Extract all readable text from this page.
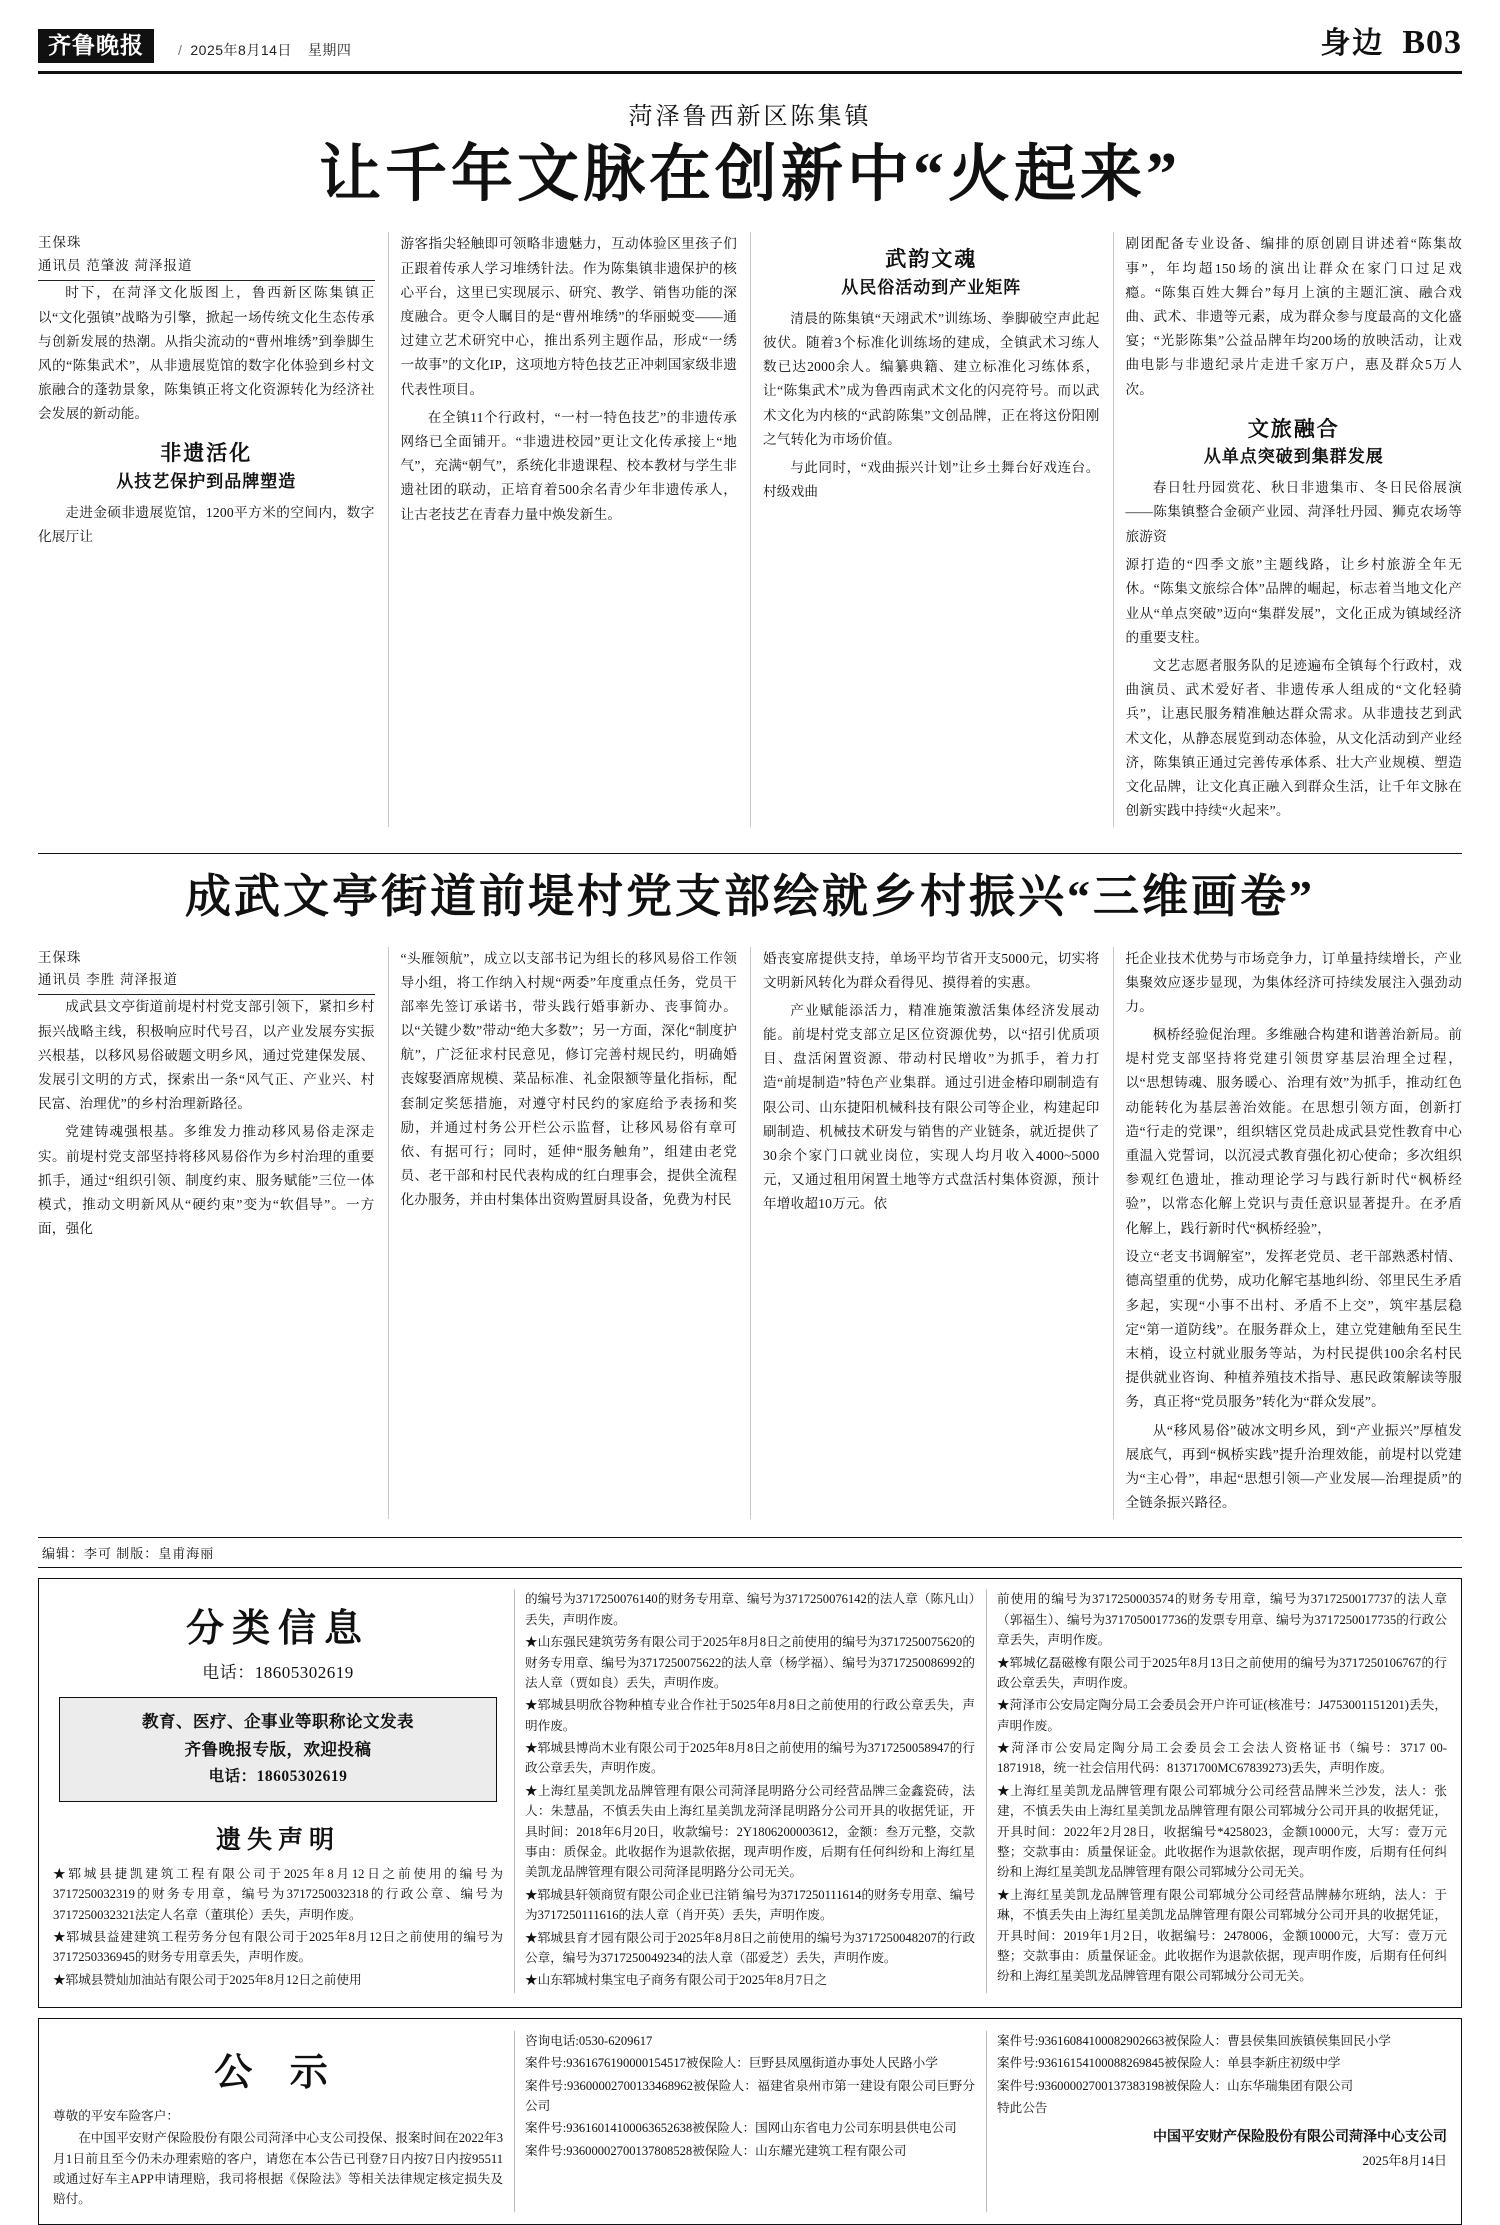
齐鲁晚报	/ 2025年8月14日 星期四	身边 B03
菏泽鲁西新区陈集镇
让千年文脉在创新中“火起来”
王保珠
通讯员 范肇波 菏泽报道

时下，在菏泽文化版图上，鲁西新区陈集镇正以“文化强镇”战略为引擎，掀起一场传统文化生态传承与创新发展的热潮。从指尖流动的“曹州堆绣”到拳脚生风的“陈集武术”，从非遗展览馆的数字化体验到乡村文旅融合的蓬勃景象，陈集镇正将文化资源转化为经济社会发展的新动能。

非遗活化
从技艺保护到品牌塑造

走进金硕非遗展览馆，1200平方米的空间内，数字化展厅让

游客指尖轻触即可领略非遗魅力，互动体验区里孩子们正跟着传承人学习堆绣针法。作为陈集镇非遗保护的核心平台，这里已实现展示、研究、教学、销售功能的深度融合。更令人瞩目的是“曹州堆绣”的华丽蜕变——通过建立艺术研究中心，推出系列主题作品，形成“一绣一故事”的文化IP，这项地方特色技艺正冲刺国家级非遗代表性项目。

在全镇11个行政村，“一村一特色技艺”的非遗传承网络已全面铺开。“非遗进校园”更让文化传承接上“地气”，充满“朝气”，系统化非遗课程、校本教材与学生非遗社团的联动，正培育着500余名青少年非遗传承人，让古老技艺在青春力量中焕发新生。

武韵文魂
从民俗活动到产业矩阵

清晨的陈集镇“天翊武术”训练场、拳脚破空声此起彼伏。随着3个标准化训练场的建成，全镇武术习练人数已达2000余人。编纂典籍、建立标准化习练体系，让“陈集武术”成为鲁西南武术文化的闪亮符号。而以武术文化为内核的“武韵陈集”文创品牌，正在将这份阳刚之气转化为市场价值。

与此同时，“戏曲振兴计划”让乡土舞台好戏连台。村级戏曲

剧团配备专业设备、编排的原创剧目讲述着“陈集故事”，年均超150场的演出让群众在家门口过足戏瘾。“陈集百姓大舞台”每月上演的主题汇演、融合戏曲、武术、非遗等元素，成为群众参与度最高的文化盛宴；“光影陈集”公益品牌年均200场的放映活动，让戏曲电影与非遗纪录片走进千家万户，惠及群众5万人次。

文旅融合
从单点突破到集群发展

春日牡丹园赏花、秋日非遗集市、冬日民俗展演——陈集镇整合金硕产业园、菏泽牡丹园、狮克农场等旅游资

源打造的“四季文旅”主题线路，让乡村旅游全年无休。“陈集文旅综合体”品牌的崛起，标志着当地文化产业从“单点突破”迈向“集群发展”，文化正成为镇域经济的重要支柱。

文艺志愿者服务队的足迹遍布全镇每个行政村，戏曲演员、武术爱好者、非遗传承人组成的“文化轻骑兵”，让惠民服务精准触达群众需求。从非遗技艺到武术文化，从静态展览到动态体验，从文化活动到产业经济，陈集镇正通过完善传承体系、壮大产业规模、塑造文化品牌，让文化真正融入到群众生活，让千年文脉在创新实践中持续“火起来”。

成武文亭街道前堤村党支部绘就乡村振兴“三维画卷”
王保珠
通讯员 李胜 菏泽报道

成武县文亭街道前堤村村党支部引领下，紧扣乡村振兴战略主线，积极响应时代号召，以产业发展夯实振兴根基，以移风易俗破题文明乡风，通过党建保发展、发展引文明的方式，探索出一条“风气正、产业兴、村民富、治理优”的乡村治理新路径。

党建铸魂强根基。多维发力推动移风易俗走深走实。前堤村党支部坚持将移风易俗作为乡村治理的重要抓手，通过“组织引领、制度约束、服务赋能”三位一体模式，推动文明新风从“硬约束”变为“软倡导”。一方面，强化

“头雁领航”，成立以支部书记为组长的移风易俗工作领导小组，将工作纳入村规“两委”年度重点任务，党员干部率先签订承诺书，带头践行婚事新办、丧事简办。以“关键少数”带动“绝大多数”；另一方面，深化“制度护航”，广泛征求村民意见，修订完善村规民约，明确婚丧嫁娶酒席规模、菜品标准、礼金限额等量化指标，配套制定奖惩措施，对遵守村民约的家庭给予表扬和奖励，并通过村务公开栏公示监督，让移风易俗有章可依、有据可行；同时，延伸“服务触角”，组建由老党员、老干部和村民代表构成的红白理事会，提供全流程化办服务，并由村集体出资购置厨具设备，免费为村民

婚丧宴席提供支持，单场平均节省开支5000元，切实将文明新风转化为群众看得见、摸得着的实惠。

产业赋能添活力，精准施策激活集体经济发展动能。前堤村党支部立足区位资源优势，以“招引优质项目、盘活闲置资源、带动村民增收”为抓手，着力打造“前堤制造”特色产业集群。通过引进金椿印刷制造有限公司、山东捷阳机械科技有限公司等企业，构建起印刷制造、机械技术研发与销售的产业链条，就近提供了30余个家门口就业岗位，实现人均月收入4000~5000元，又通过租用闲置土地等方式盘活村集体资源，预计年增收超10万元。依

托企业技术优势与市场竞争力，订单量持续增长，产业集聚效应逐步显现，为集体经济可持续发展注入强劲动力。

枫桥经验促治理。多维融合构建和谐善治新局。前堤村党支部坚持将党建引领贯穿基层治理全过程，以“思想铸魂、服务暖心、治理有效”为抓手，推动红色动能转化为基层善治效能。在思想引领方面，创新打造“行走的党课”，组织辖区党员赴成武县党性教育中心重温入党誓词，以沉浸式教育强化初心使命；多次组织参观红色遗址，推动理论学习与践行新时代“枫桥经验”，以常态化解上党识与责任意识显著提升。在矛盾化解上，践行新时代“枫桥经验”，

设立“老支书调解室”，发挥老党员、老干部熟悉村情、德高望重的优势，成功化解宅基地纠纷、邻里民生矛盾多起，实现“小事不出村、矛盾不上交”，筑牢基层稳定“第一道防线”。在服务群众上，建立党建触角至民生末梢，设立村就业服务等站，为村民提供100余名村民提供就业咨询、种植养殖技术指导、惠民政策解读等服务，真正将“党员服务”转化为“群众发展”。

从“移风易俗”破冰文明乡风，到“产业振兴”厚植发展底气，再到“枫桥实践”提升治理效能，前堤村以党建为“主心骨”，串起“思想引领—产业发展—治理提质”的全链条振兴路径。

编辑：李可 制版：皇甫海丽
分类信息
电话：18605302619
教育、医疗、企事业等职称论文发表
齐鲁晚报专版，欢迎投稿
电话：18605302619
遗失声明

★郓城县捷凯建筑工程有限公司于2025年8月12日之前使用的编号为3717250032319的财务专用章，编号为3717250032318的行政公章、编号为3717250032321法定人名章（董琪伦）丢失，声明作废。

★郓城县益建建筑工程劳务分包有限公司于2025年8月12日之前使用的编号为3717250336945的财务专用章丢失，声明作废。

★郓城县赞灿加油站有限公司于2025年8月12日之前使用

的编号为3717250076140的财务专用章、编号为3717250076142的法人章（陈凡山）丢失，声明作废。

★山东强民建筑劳务有限公司于2025年8月8日之前使用的编号为3717250075620的财务专用章、编号为3717250075622的法人章（杨学福）、编号为3717250086992的法人章（贾如良）丢失，声明作废。

★郓城县明欣谷物种植专业合作社于5025年8月8日之前使用的行政公章丢失，声明作废。

★郓城县博尚木业有限公司于2025年8月8日之前使用的编号为3717250058947的行政公章丢失，声明作废。

★上海红星美凯龙品牌管理有限公司菏泽昆明路分公司经营品牌三金鑫瓷砖，法人：朱慧晶，不慎丢失由上海红星美凯龙菏泽昆明路分公司开具的收据凭证，开具时间：2018年6月20日，收款编号：2Y1806200003612，金额：叁万元整，交款事由：质保金。此收据作为退款依据，现声明作废，后期有任何纠纷和上海红星美凯龙品牌管理有限公司菏泽昆明路分公司无关。

★郓城县轩领商贸有限公司企业已注销 编号为3717250111614的财务专用章、编号为3717250111616的法人章（肖开英）丢失，声明作废。

★郓城县育才园有限公司于2025年8月8日之前使用的编号为3717250048207的行政公章，编号为3717250049234的法人章（邵爱芝）丢失，声明作废。

★山东郓城村集宝电子商务有限公司于2025年8月7日之

前使用的编号为3717250003574的财务专用章，编号为3717250017737的法人章（郭福生）、编号为3717050017736的发票专用章、编号为3717250017735的行政公章丢失，声明作废。

★郓城亿磊磁橡有限公司于2025年8月13日之前使用的编号为3717250106767的行政公章丢失，声明作废。

★菏泽市公安局定陶分局工会委员会开户许可证(核准号：J4753001151201)丢失，声明作废。

★菏泽市公安局定陶分局工会委员会工会法人资格证书（编号：3717 00-1871918，统一社会信用代码：81371700MC67839273)丢失，声明作废。

★上海红星美凯龙品牌管理有限公司郓城分公司经营品牌米兰沙发，法人：张建，不慎丢失由上海红星美凯龙品牌管理有限公司郓城分公司开具的收据凭证，开具时间：2022年2月28日，收据编号*4258023，金额10000元，大写：壹万元整；交款事由：质量保证金。此收据作为退款依据，现声明作废，后期有任何纠纷和上海红星美凯龙品牌管理有限公司郓城分公司无关。

★上海红星美凯龙品牌管理有限公司郓城分公司经营品牌赫尔班纳，法人：于琳，不慎丢失由上海红星美凯龙品牌管理有限公司郓城分公司开具的收据凭证，开具时间：2019年1月2日，收据编号：2478006，金额10000元，大写：壹万元整；交款事由：质量保证金。此收据作为退款依据，现声明作废，后期有任何纠纷和上海红星美凯龙品牌管理有限公司郓城分公司无关。

公 示

尊敬的平安车险客户：

在中国平安财产保险股份有限公司菏泽中心支公司投保、报案时间在2022年3月1日前且至今仍未办理索赔的客户，请您在本公告已刊登7日内按7日内按95511或通过好车主APP申请理赔，我司将根据《保险法》等相关法律规定核定损失及赔付。

咨询电话:0530-6209617

案件号:9361676190000154517被保险人：巨野县凤凰街道办事处人民路小学

案件号:93600002700133468962被保险人：福建省泉州市第一建设有限公司巨野分公司

案件号:93616014100063652638被保险人：国网山东省电力公司东明县供电公司

案件号:93600002700137808528被保险人：山东耀光建筑工程有限公司

案件号:93616084100082902663被保险人：曹县侯集回族镇侯集回民小学

案件号:93616154100088269845被保险人：单县李新庄初级中学

案件号:93600002700137383198被保险人：山东华瑞集团有限公司

特此公告

中国平安财产保险股份有限公司菏泽中心支公司
2025年8月14日
